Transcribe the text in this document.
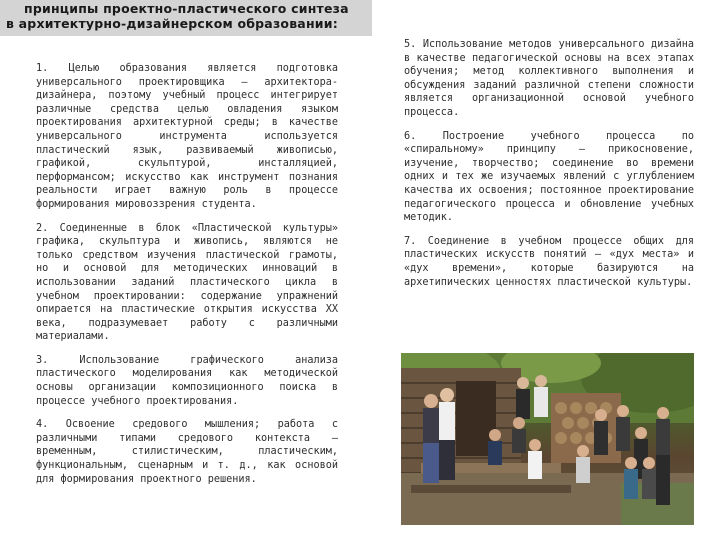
принципы проектно-пластического синтеза
в архитектурно-дизайнерском образовании:

1. Целью образования является подготовка универсального проектировщика – архитектора-дизайнера, поэтому учебный процесс интегрирует различные средства целью овладения языком проектирования архитектурной среды; в качестве универсального инструмента используется пластический язык, развиваемый живописью, графикой, скульптурой, инсталляцией, перформансом; искусство как инструмент познания реальности играет важную роль в процессе формирования мировоззрения студента.

2. Соединенные в блок «Пластической культуры» графика, скульптура и живопись, являются не только средством изучения пластической грамоты, но и основой для методических инноваций в использовании заданий пластического цикла в учебном проектировании: содержание упражнений опирается на пластические открытия искусства XX века, подразумевает работу с различными материалами.

3. Использование графического анализа пластического моделирования как методической основы организации композиционного поиска в процессе учебного проектирования.

4. Освоение средового мышления; работа с различными типами средового контекста – временным, стилистическим, пластическим, функциональным, сценарным и т. д., как основой для формирования проектного решения.

5. Использование методов универсального дизайна в качестве педагогической основы на всех этапах обучения; метод коллективного выполнения и обсуждения заданий различной степени сложности является организационной основой учебного процесса.

6. Построение учебного процесса по «спиральному» принципу – прикосновение, изучение, творчество; соединение во времени одних и тех же изучаемых явлений с углублением качества их освоения; постоянное проектирование педагогического процесса и обновление учебных методик.

7. Соединение в учебном процессе общих для пластических искусств понятий – «дух места» и «дух времени», которые базируются на архетипических ценностях пластической культуры.
